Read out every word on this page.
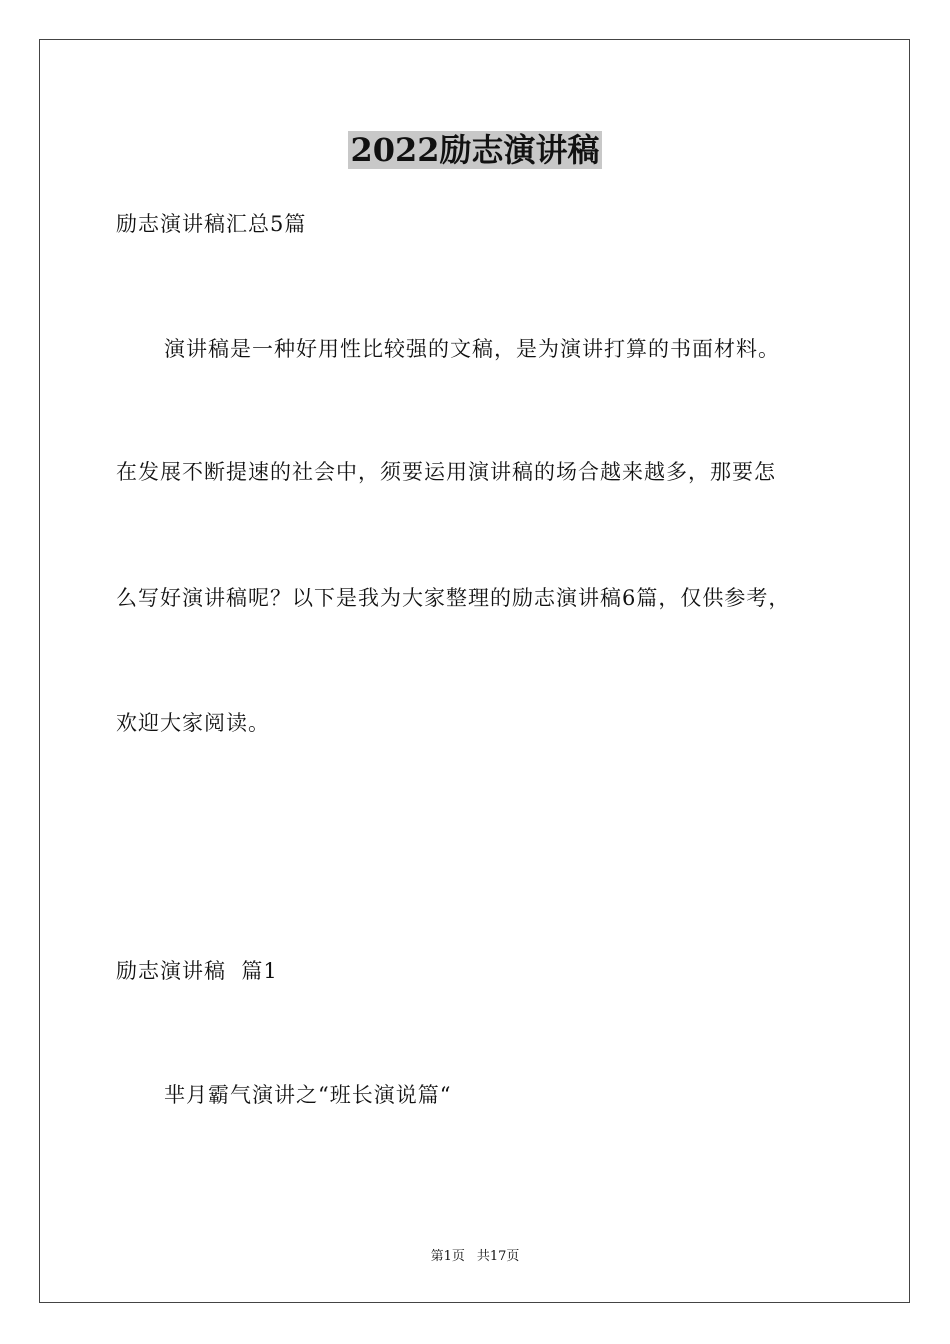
2022励志演讲稿

励志演讲稿汇总5篇

演讲稿是一种好用性比较强的文稿，是为演讲打算的书面材料。

在发展不断提速的社会中，须要运用演讲稿的场合越来越多，那要怎

么写好演讲稿呢？以下是我为大家整理的励志演讲稿6篇，仅供参考，

欢迎大家阅读。

励志演讲稿  篇1

芈月霸气演讲之“班长演说篇“

第1页 共17页
